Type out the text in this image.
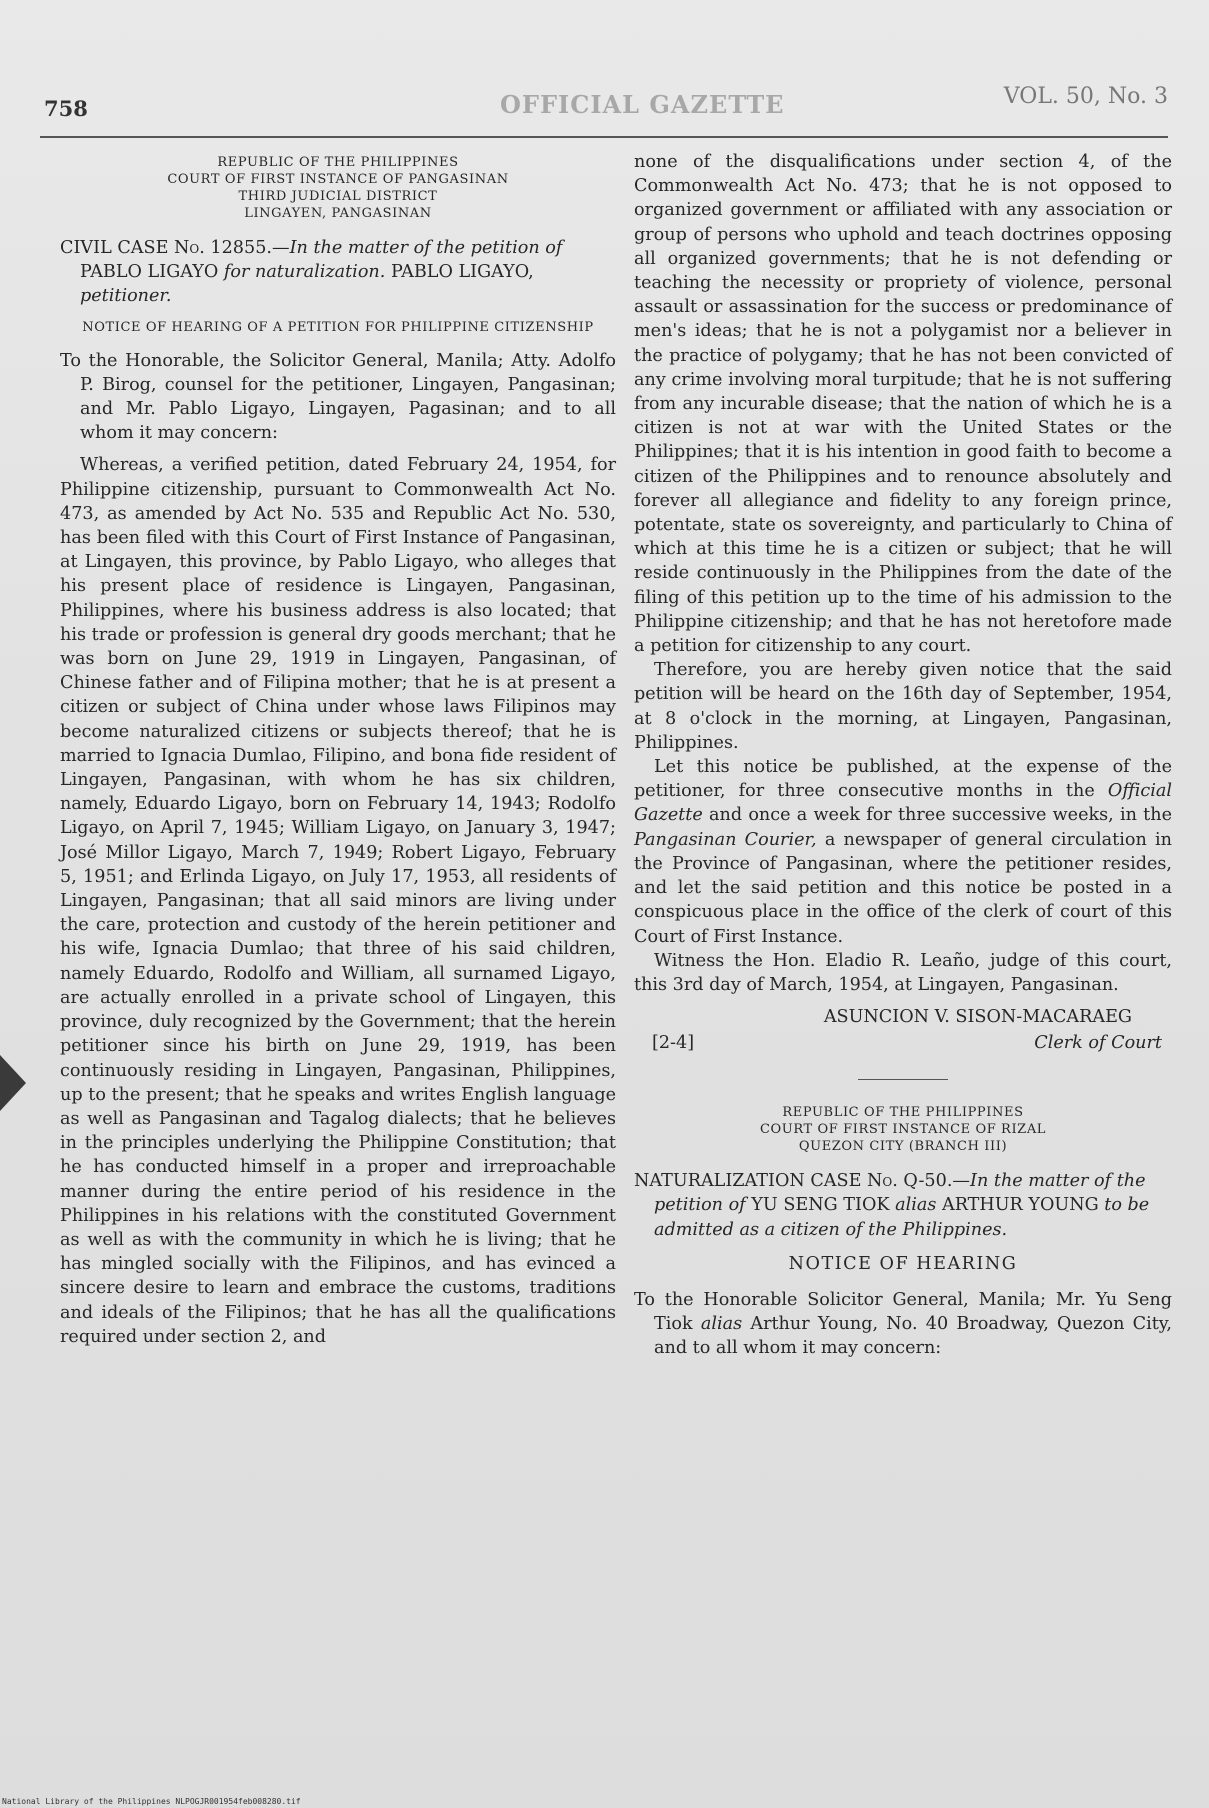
758	OFFICIAL GAZETTE	VOL. 50, No. 3
REPUBLIC OF THE PHILIPPINES
COURT OF FIRST INSTANCE OF PANGASINAN
THIRD JUDICIAL DISTRICT
LINGAYEN, PANGASINAN

CIVIL CASE No. 12855.—In the matter of the petition of PABLO LIGAYO for naturalization. PABLO LIGAYO, petitioner.

NOTICE OF HEARING OF A PETITION FOR PHILIPPINE CITIZENSHIP

To the Honorable, the Solicitor General, Manila; Atty. Adolfo P. Birog, counsel for the petitioner, Lingayen, Pangasinan; and Mr. Pablo Ligayo, Lingayen, Pagasinan; and to all whom it may concern:

Whereas, a verified petition, dated February 24, 1954, for Philippine citizenship, pursuant to Commonwealth Act No. 473, as amended by Act No. 535 and Republic Act No. 530, has been filed with this Court of First Instance of Pangasinan, at Lingayen, this province, by Pablo Ligayo, who alleges that his present place of residence is Lingayen, Pangasinan, Philippines, where his business address is also located; that his trade or profession is general dry goods merchant; that he was born on June 29, 1919 in Lingayen, Pangasinan, of Chinese father and of Filipina mother; that he is at present a citizen or subject of China under whose laws Filipinos may become naturalized citizens or subjects thereof; that he is married to Ignacia Dumlao, Filipino, and bona fide resident of Lingayen, Pangasinan, with whom he has six children, namely, Eduardo Ligayo, born on February 14, 1943; Rodolfo Ligayo, on April 7, 1945; William Ligayo, on January 3, 1947; José Millor Ligayo, March 7, 1949; Robert Ligayo, February 5, 1951; and Erlinda Ligayo, on July 17, 1953, all residents of Lingayen, Pangasinan; that all said minors are living under the care, protection and custody of the herein petitioner and his wife, Ignacia Dumlao; that three of his said children, namely Eduardo, Rodolfo and William, all surnamed Ligayo, are actually enrolled in a private school of Lingayen, this province, duly recognized by the Government; that the herein petitioner since his birth on June 29, 1919, has been continuously residing in Lingayen, Pangasinan, Philippines, up to the present; that he speaks and writes English language as well as Pangasinan and Tagalog dialects; that he believes in the principles underlying the Philippine Constitution; that he has conducted himself in a proper and irreproachable manner during the entire period of his residence in the Philippines in his relations with the constituted Government as well as with the community in which he is living; that he has mingled socially with the Filipinos, and has evinced a sincere desire to learn and embrace the customs, traditions and ideals of the Filipinos; that he has all the qualifications required under section 2, and

none of the disqualifications under section 4, of the Commonwealth Act No. 473; that he is not opposed to organized government or affiliated with any association or group of persons who uphold and teach doctrines opposing all organized governments; that he is not defending or teaching the necessity or propriety of violence, personal assault or assassination for the success or predominance of men's ideas; that he is not a polygamist nor a believer in the practice of polygamy; that he has not been convicted of any crime involving moral turpitude; that he is not suffering from any incurable disease; that the nation of which he is a citizen is not at war with the United States or the Philippines; that it is his intention in good faith to become a citizen of the Philippines and to renounce absolutely and forever all allegiance and fidelity to any foreign prince, potentate, state os sovereignty, and particularly to China of which at this time he is a citizen or subject; that he will reside continuously in the Philippines from the date of the filing of this petition up to the time of his admission to the Philippine citizenship; and that he has not heretofore made a petition for citizenship to any court.

Therefore, you are hereby given notice that the said petition will be heard on the 16th day of September, 1954, at 8 o'clock in the morning, at Lingayen, Pangasinan, Philippines.

Let this notice be published, at the expense of the petitioner, for three consecutive months in the Official Gazette and once a week for three successive weeks, in the Pangasinan Courier, a newspaper of general circulation in the Province of Pangasinan, where the petitioner resides, and let the said petition and this notice be posted in a conspicuous place in the office of the clerk of court of this Court of First Instance.

Witness the Hon. Eladio R. Leaño, judge of this court, this 3rd day of March, 1954, at Lingayen, Pangasinan.

ASUNCION V. SISON-MACARAEG
Clerk of Court
[2-4]
REPUBLIC OF THE PHILIPPINES
COURT OF FIRST INSTANCE OF RIZAL
QUEZON CITY (BRANCH III)

NATURALIZATION CASE No. Q-50.—In the matter of the petition of YU SENG TIOK alias ARTHUR YOUNG to be admitted as a citizen of the Philippines.

NOTICE OF HEARING

To the Honorable Solicitor General, Manila; Mr. Yu Seng Tiok alias Arthur Young, No. 40 Broadway, Quezon City, and to all whom it may concern:

National Library of the Philippines NLPOGJR001954feb008280.tif
